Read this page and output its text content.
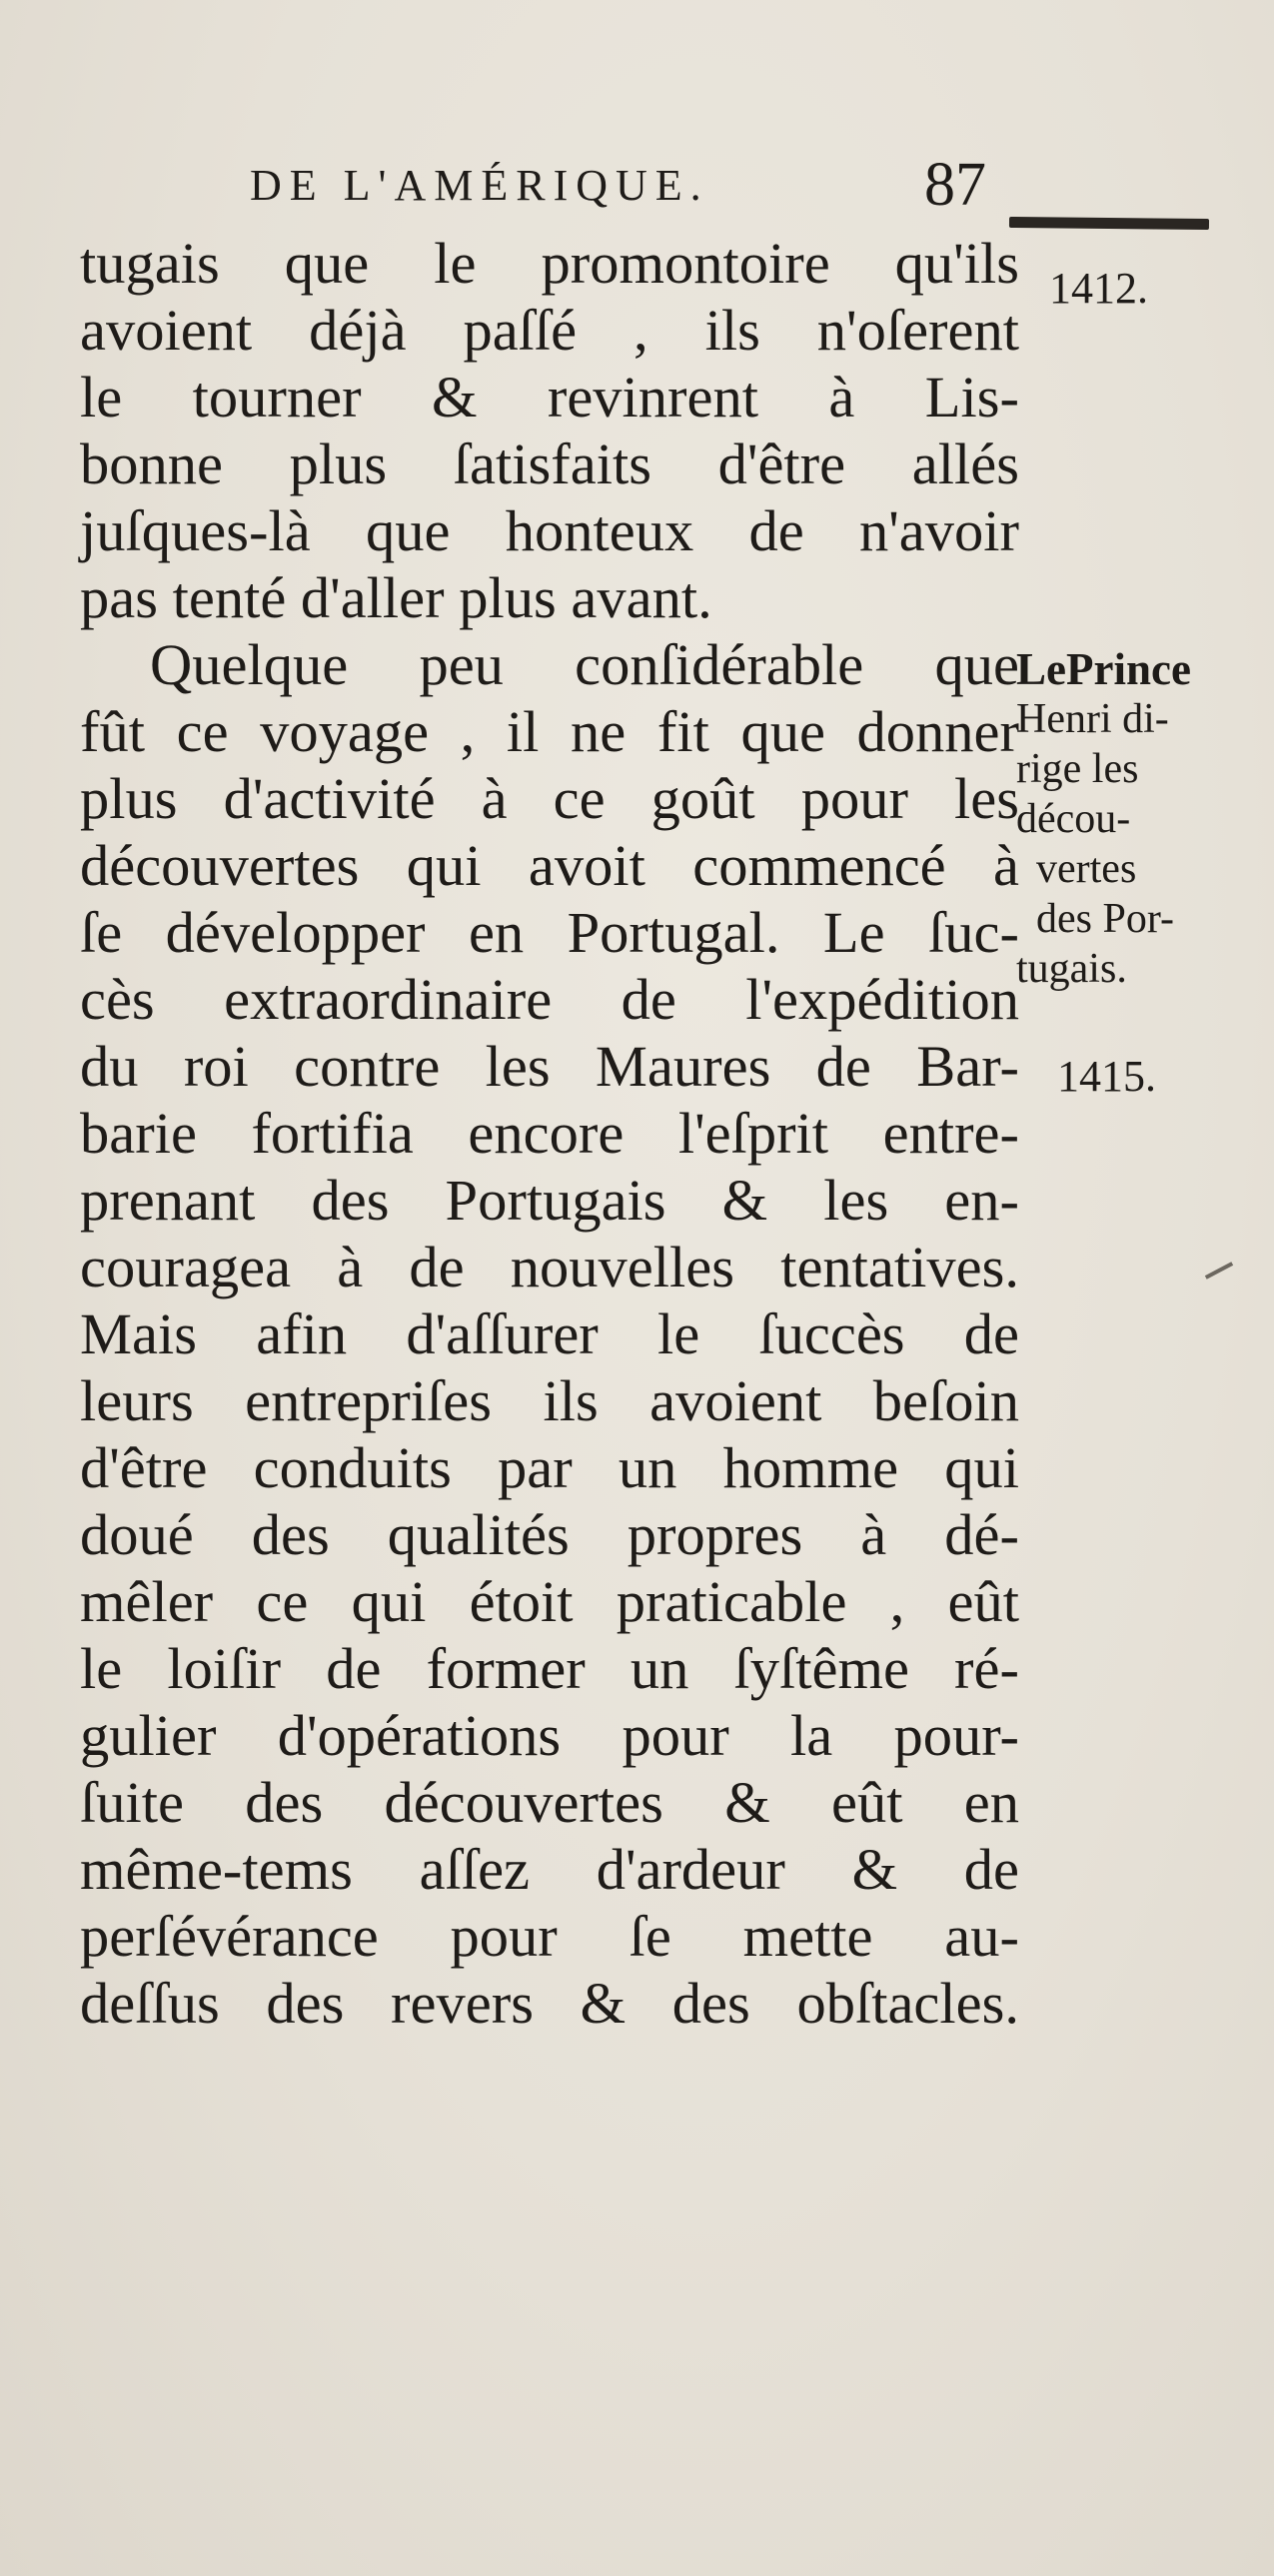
DE L'AMÉRIQUE.	87
1412.
tugais que le promontoire qu'ils
avoient déjà paſſé , ils n'oſerent
le tourner & revinrent à Lis-
bonne plus ſatisfaits d'être allés
juſques-là que honteux de n'avoir
pas tenté d'aller plus avant.
Quelque peu conſidérable que
fût ce voyage , il ne fit que donner
plus d'activité à ce goût pour les
découvertes qui avoit commencé à
ſe développer en Portugal. Le ſuc-
cès extraordinaire de l'expédition
du roi contre les Maures de Bar-
barie fortifia encore l'eſprit entre-
prenant des Portugais & les en-
couragea à de nouvelles tentatives.
Mais afin d'aſſurer le ſuccès de
leurs entrepriſes ils avoient beſoin
d'être conduits par un homme qui
doué des qualités propres à dé-
mêler ce qui étoit praticable , eût
le loiſir de former un ſyſtême ré-
gulier d'opérations pour la pour-
ſuite des découvertes & eût en
même-tems aſſez d'ardeur & de
perſévérance pour ſe mette au-
deſſus des revers & des obſtacles.
LePrince
Henri di-
rige les
décou-
vertes
des Por-
tugais.
1415.
